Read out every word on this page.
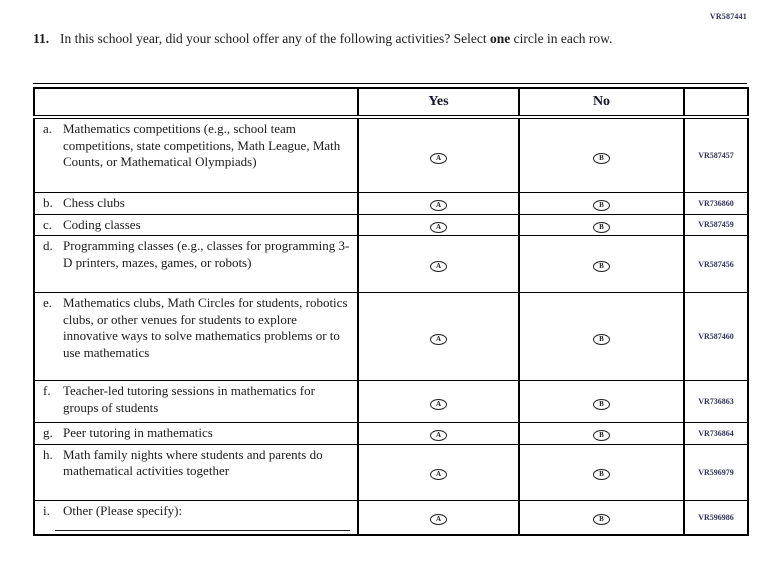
VR587441
11. In this school year, did your school offer any of the following activities? Select one circle in each row.
	Yes	No	

a. Mathematics competitions (e.g., school team competitions, state competitions, Math League, Math Counts, or Mathematical Olympiads)	A	B	VR587457

b. Chess clubs	A	B	VR736860

c. Coding classes	A	B	VR587459

d. Programming classes (e.g., classes for programming 3-D printers, mazes, games, or robots)	A	B	VR587456

e. Mathematics clubs, Math Circles for students, robotics clubs, or other venues for students to explore innovative ways to solve mathematics problems or to use mathematics	A	B	VR587460

f. Teacher-led tutoring sessions in mathematics for groups of students	A	B	VR736863

g. Peer tutoring in mathematics	A	B	VR736864

h. Math family nights where students and parents do mathematical activities together	A	B	VR596979

i. Other (Please specify):	A	B	VR596986
